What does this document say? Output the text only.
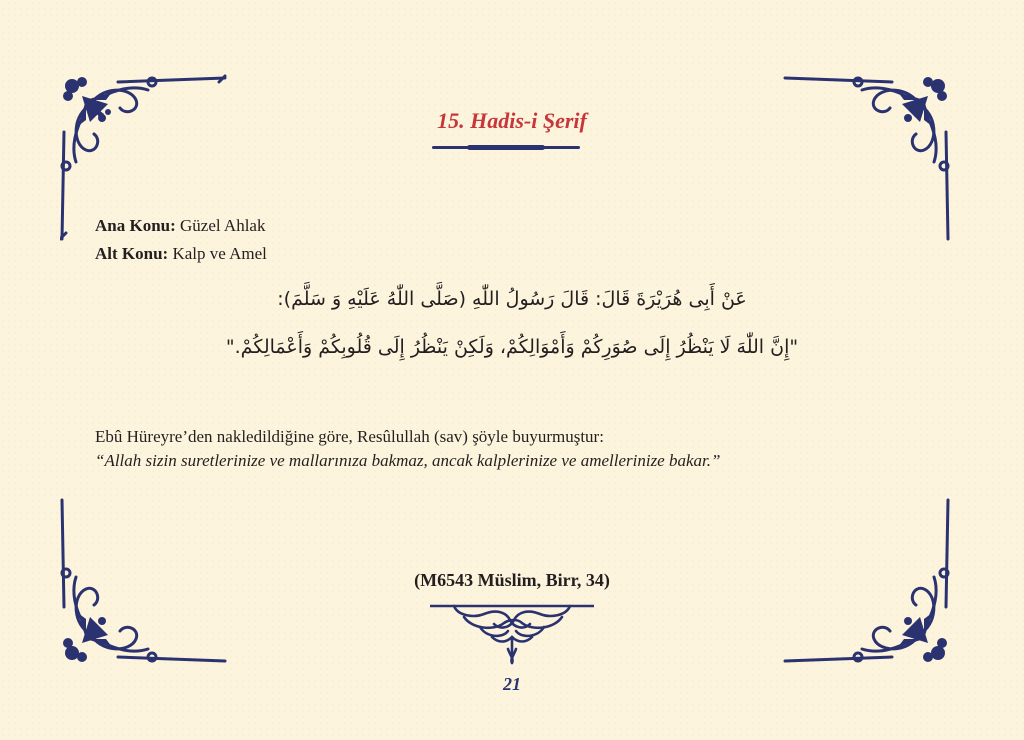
15. Hadis-i Şerif
Ana Konu: Güzel Ahlak
Alt Konu: Kalp ve Amel
عَنْ أَبِى هُرَيْرَةَ قَالَ: قَالَ رَسُولُ اللّٰهِ (صَلَّى اللّٰهُ عَلَيْهِ وَ سَلَّمَ):
"إِنَّ اللّٰهَ لَا يَنْظُرُ إِلَى صُوَرِكُمْ وَأَمْوَالِكُمْ، وَلَكِنْ يَنْظُرُ إِلَى قُلُوبِكُمْ وَأَعْمَالِكُمْ."
Ebû Hüreyre’den nakledildiğine göre, Resûlullah (sav) şöyle buyurmuştur:
“Allah sizin suretlerinize ve mallarınıza bakmaz, ancak kalplerinize ve amellerinize bakar.”
(M6543 Müslim, Birr, 34)
21
